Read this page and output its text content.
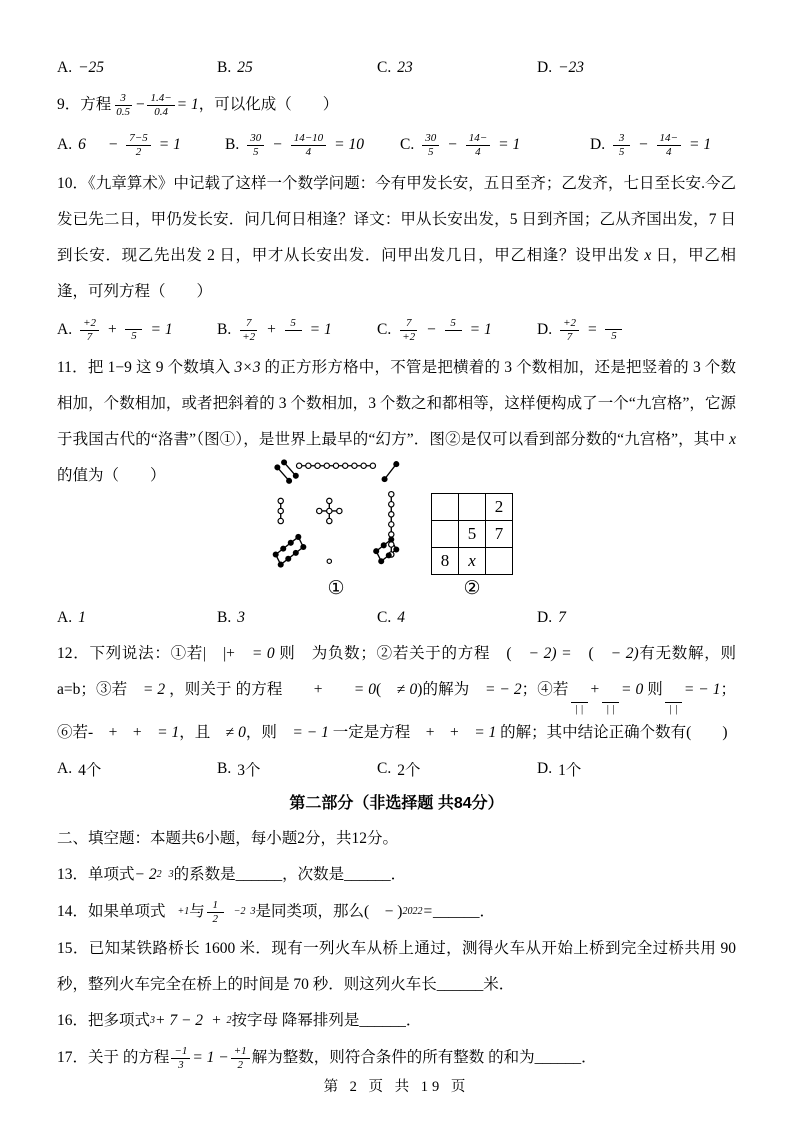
A. −25	B. 25	C. 23	D. −23

9．方程 $\frac{3}{0.5} - \frac{1.4-}{0.4} = 1$ ，可以化成（　　）

A. $6 - \frac{7-5}{2} = 1$	B. $\frac{30}{5} - \frac{14-10}{4} = 10$ C. $\frac{30}{5} - \frac{14-}{4} = 1$	D. $\frac{3}{5} - \frac{14-}{4} = 1$

10．《九章算术》中记载了这样一个数学问题：今有甲发长安，五日至齐；乙发齐，七日至长安.今乙发已先二日，甲仍发长安．问几何日相逢？译文：甲从长安出发，5 日到齐国；乙从齐国出发，7 日到长安．现乙先出发 2 日，甲才从长安出发．问甲出发几日，甲乙相逢？设甲出发 x 日，甲乙相逢，可列方程（　　）

A. $\frac{+2}{7}$ +	5 = 1	B. $\frac{7}{+2}$ +	5 = 1	C. $\frac{7}{+2}$ −	5 = 1	D. $\frac{+2}{7}$ =	5

11．把 1−9 这 9 个数填入 3×3 的正方形方格中，不管是把横着的 3 个数相加，还是把竖着的 3 个数相加，个数相加，或者把斜着的 3 个数相加，3 个数之和都相等，这样便构成了一个“九宫格”，它源于我国古代的“洛書”（图①），是世界上最早的“幻方”．图②是仅可以看到部分数的“九宫格”，其中 x 的值为（　　）

①
		2
	5	7
8	x	
②
A. 1	B. 3	C. 4	D. 7

12．下列说法：①若|　|+　= 0 则　为负数；②若关于的方程　(　− 2) =　(　− 2)有无数解，则 a=b；③若　= 2 ，则关于 的方程　　+　　= 0(　≠ 0)的解为　= − 2；④若
| |
+
| |
= 0 则
| |
= − 1；⑥若-　+　+　= 1，且　≠ 0，则　= − 1 一定是方程　+　+　= 1 的解；其中结论正确个数有(　　)

A. 4个	B. 3个	C. 2个	D. 1个

第二部分（非选择题 共84分）

二、填空题：本题共6小题，每小题2分，共12分。

13．单项式 − 2 2 3 的系数是______，次数是______．

14．如果单项式 +1 与 $\frac{1}{2} -2$ 3 是同类项，那么(　− ) 2022 = ______．

15．已知某铁路桥长 1600 米．现有一列火车从桥上通过，测得火车从开始上桥到完全过桥共用 90 秒，整列火车完全在桥上的时间是 70 秒．则这列火车长______米．

16．把多项式 3 + 7 − 2 + 2 按字母 降幂排列是______．

17．关于 的方程 $\frac{-1}{3} = 1 - \frac{+1}{2}$ 解为整数，则符合条件的所有整数 的和为______．

第 2 页 共 19 页
